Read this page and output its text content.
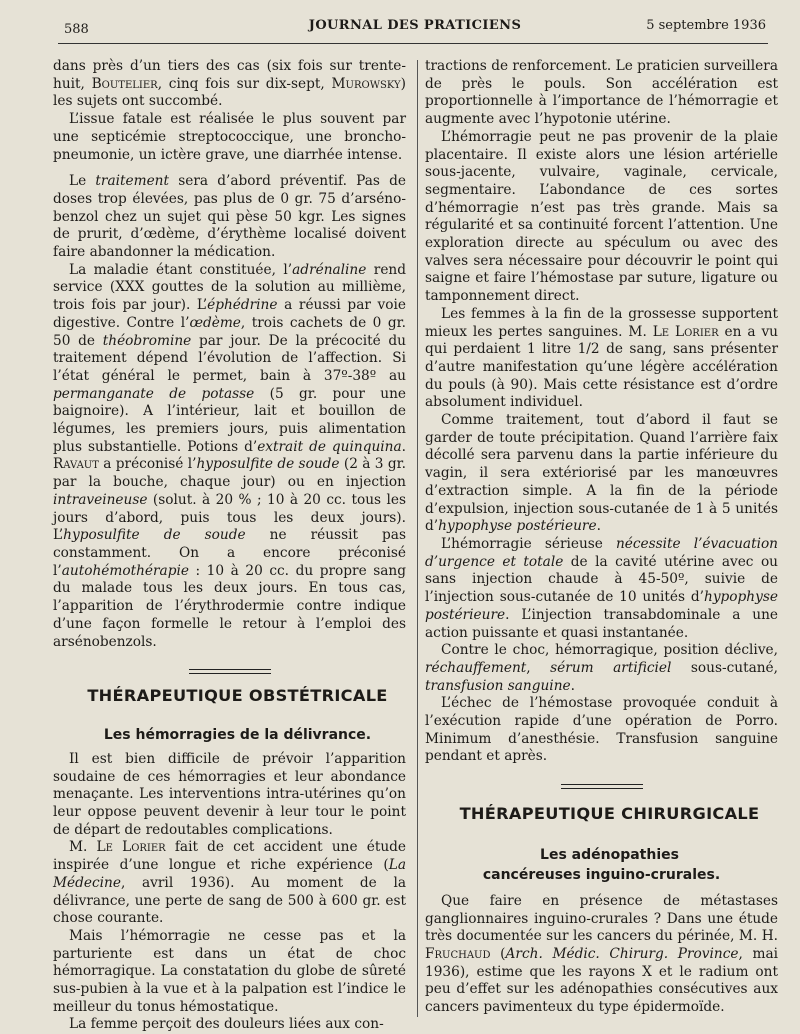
588	JOURNAL DES PRATICIENS	5 septembre 1936

dans près d’un tiers des cas (six fois sur trente-huit, Boutelier, cinq fois sur dix-sept, Murowsky) les sujets ont succombé.

L’issue fatale est réalisée le plus souvent par une septicémie streptococcique, une broncho-pneumonie, un ictère grave, une diarrhée intense.

Le traitement sera d’abord préventif. Pas de doses trop élevées, pas plus de 0 gr. 75 d’arséno-benzol chez un sujet qui pèse 50 kgr. Les signes de prurit, d’œdème, d’érythème localisé doivent faire abandonner la médication.

La maladie étant constituée, l’adrénaline rend service (XXX gouttes de la solution au millième, trois fois par jour). L’éphédrine a réussi par voie digestive. Contre l’œdème, trois cachets de 0 gr. 50 de théobromine par jour. De la précocité du traitement dépend l’évolution de l’affection. Si l’état général le permet, bain à 37º-38º au permanganate de potasse (5 gr. pour une baignoire). A l’intérieur, lait et bouillon de légumes, les premiers jours, puis alimentation plus substantielle. Potions d’extrait de quinquina. Ravaut a préconisé l’hyposulfite de soude (2 à 3 gr. par la bouche, chaque jour) ou en injection intraveineuse (solut. à 20 % ; 10 à 20 cc. tous les jours d’abord, puis tous les deux jours). L’hyposulfite de soude ne réussit pas constamment. On a encore préconisé l’autohémothérapie : 10 à 20 cc. du propre sang du malade tous les deux jours. En tous cas, l’apparition de l’érythrodermie contre indique d’une façon formelle le retour à l’emploi des arsénobenzols.

THÉRAPEUTIQUE OBSTÉTRICALE

Les hémorragies de la délivrance.

Il est bien difficile de prévoir l’apparition soudaine de ces hémorragies et leur abondance menaçante. Les interventions intra-utérines qu’on leur oppose peuvent devenir à leur tour le point de départ de redoutables complications.

M. Le Lorier fait de cet accident une étude inspirée d’une longue et riche expérience (La Médecine, avril 1936). Au moment de la délivrance, une perte de sang de 500 à 600 gr. est chose courante.

Mais l’hémorragie ne cesse pas et la parturiente est dans un état de choc hémorragique. La constatation du globe de sûreté sus-pubien à la vue et à la palpation est l’indice le meilleur du tonus hémostatique.

La femme perçoit des douleurs liées aux con-

tractions de renforcement. Le praticien surveillera de près le pouls. Son accélération est proportionnelle à l’importance de l’hémorragie et augmente avec l’hypotonie utérine.

L’hémorragie peut ne pas provenir de la plaie placentaire. Il existe alors une lésion artérielle sous-jacente, vulvaire, vaginale, cervicale, segmentaire. L’abondance de ces sortes d’hémorragie n’est pas très grande. Mais sa régularité et sa continuité forcent l’attention. Une exploration directe au spéculum ou avec des valves sera nécessaire pour découvrir le point qui saigne et faire l’hémostase par suture, ligature ou tamponnement direct.

Les femmes à la fin de la grossesse supportent mieux les pertes sanguines. M. Le Lorier en a vu qui perdaient 1 litre 1/2 de sang, sans présenter d’autre manifestation qu’une légère accélération du pouls (à 90). Mais cette résistance est d’ordre absolument individuel.

Comme traitement, tout d’abord il faut se garder de toute précipitation. Quand l’arrière faix décollé sera parvenu dans la partie inférieure du vagin, il sera extériorisé par les manœuvres d’extraction simple. A la fin de la période d’expulsion, injection sous-cutanée de 1 à 5 unités d’hypophyse postérieure.

L’hémorragie sérieuse nécessite l’évacuation d’urgence et totale de la cavité utérine avec ou sans injection chaude à 45-50º, suivie de l’injection sous-cutanée de 10 unités d’hypophyse postérieure. L’injection transabdominale a une action puissante et quasi instantanée.

Contre le choc, hémorragique, position déclive, réchauffement, sérum artificiel sous-cutané, transfusion sanguine.

L’échec de l’hémostase provoquée conduit à l’exécution rapide d’une opération de Porro. Minimum d’anesthésie. Transfusion sanguine pendant et après.

THÉRAPEUTIQUE CHIRURGICALE

Les adénopathies cancéreuses inguino-crurales.

Que faire en présence de métastases ganglionnaires inguino-crurales ? Dans une étude très documentée sur les cancers du périnée, M. H. Fruchaud (Arch. Médic. Chirurg. Province, mai 1936), estime que les rayons X et le radium ont peu d’effet sur les adénopathies consécutives aux cancers pavimenteux du type épidermoïde.
